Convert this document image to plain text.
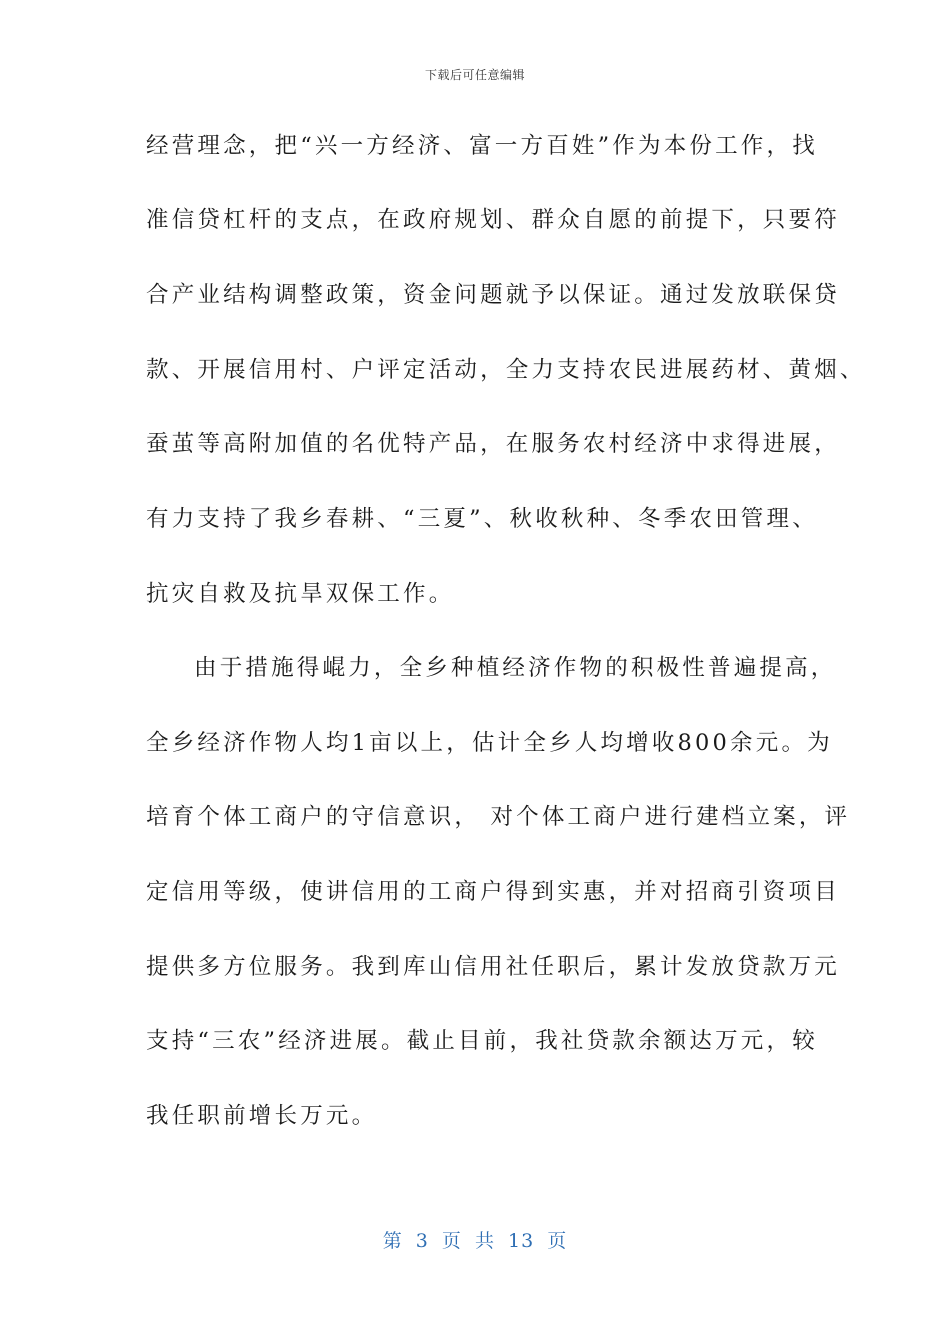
下载后可任意编辑
经营理念，把“兴一方经济、富一方百姓”作为本份工作，找
准信贷杠杆的支点，在政府规划、群众自愿的前提下，只要符
合产业结构调整政策，资金问题就予以保证。通过发放联保贷
款、开展信用村、户评定活动，全力支持农民进展药材、黄烟、
蚕茧等高附加值的名优特产品，在服务农村经济中求得进展，
有力支持了我乡春耕、“三夏”、秋收秋种、冬季农田管理、
抗灾自救及抗旱双保工作。
由于措施得崐力，全乡种植经济作物的积极性普遍提高，
全乡经济作物人均1亩以上，估计全乡人均增收800余元。为
培育个体工商户的守信意识， 对个体工商户进行建档立案，评
定信用等级，使讲信用的工商户得到实惠，并对招商引资项目
提供多方位服务。我到库山信用社任职后，累计发放贷款万元
支持“三农”经济进展。截止目前，我社贷款余额达万元，较
我任职前增长万元。
第 3 页 共 13 页
